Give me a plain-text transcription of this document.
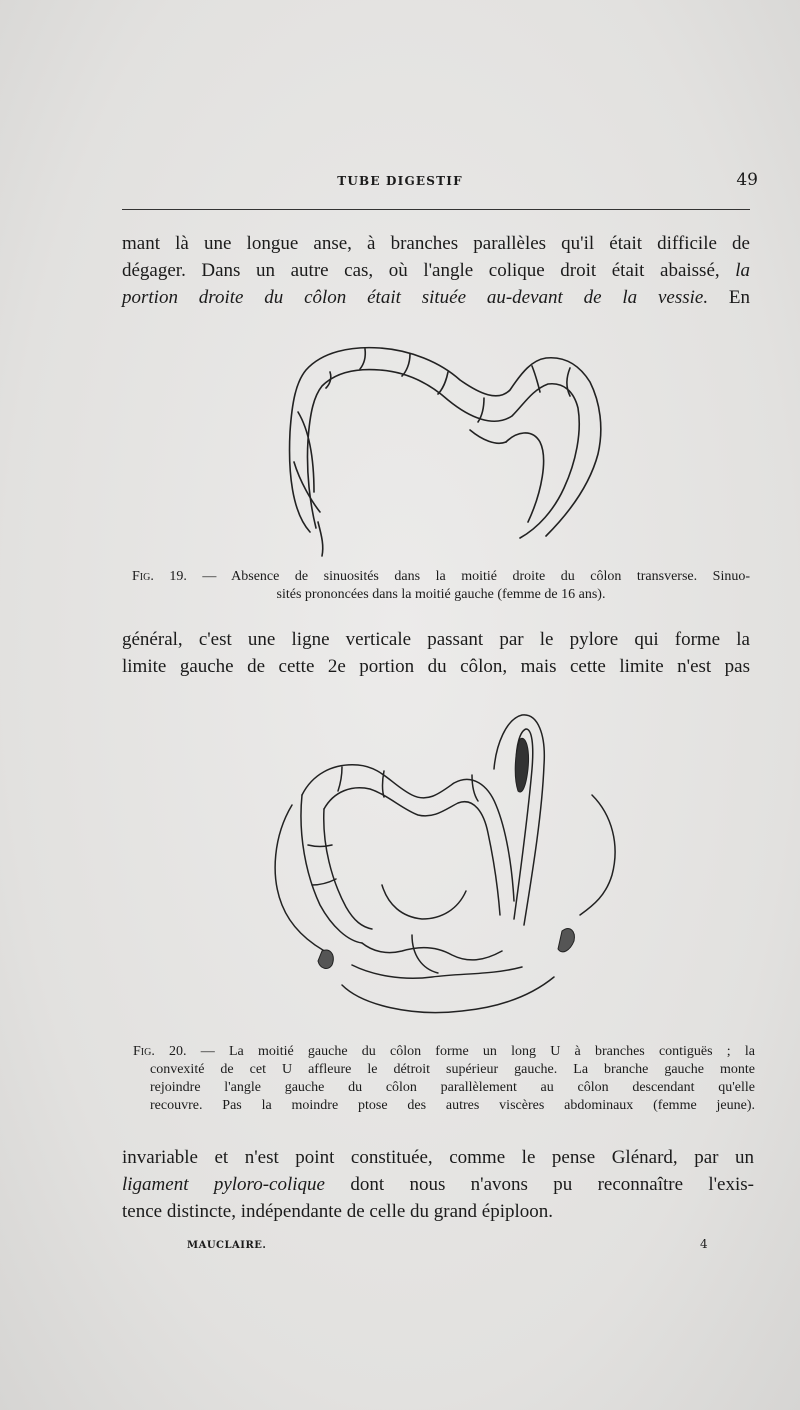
TUBE DIGESTIF	49
mant là une longue anse, à branches parallèles qu'il était difficile de
dégager. Dans un autre cas, où l'angle colique droit était abaissé, la
portion droite du côlon était située au-devant de la vessie. En
Fig. 19. — Absence de sinuosités dans la moitié droite du côlon transverse. Sinuo-
sités prononcées dans la moitié gauche (femme de 16 ans).
général, c'est une ligne verticale passant par le pylore qui forme la
limite gauche de cette 2e portion du côlon, mais cette limite n'est pas
Fig. 20. — La moitié gauche du côlon forme un long U à branches contiguës ; la
convexité de cet U affleure le détroit supérieur gauche. La branche gauche monte
rejoindre l'angle gauche du côlon parallèlement au côlon descendant qu'elle
recouvre. Pas la moindre ptose des autres viscères abdominaux (femme jeune).
invariable et n'est point constituée, comme le pense Glénard, par un
ligament pyloro-colique dont nous n'avons pu reconnaître l'exis-
tence distincte, indépendante de celle du grand épiploon.
MAUCLAIRE.	4
